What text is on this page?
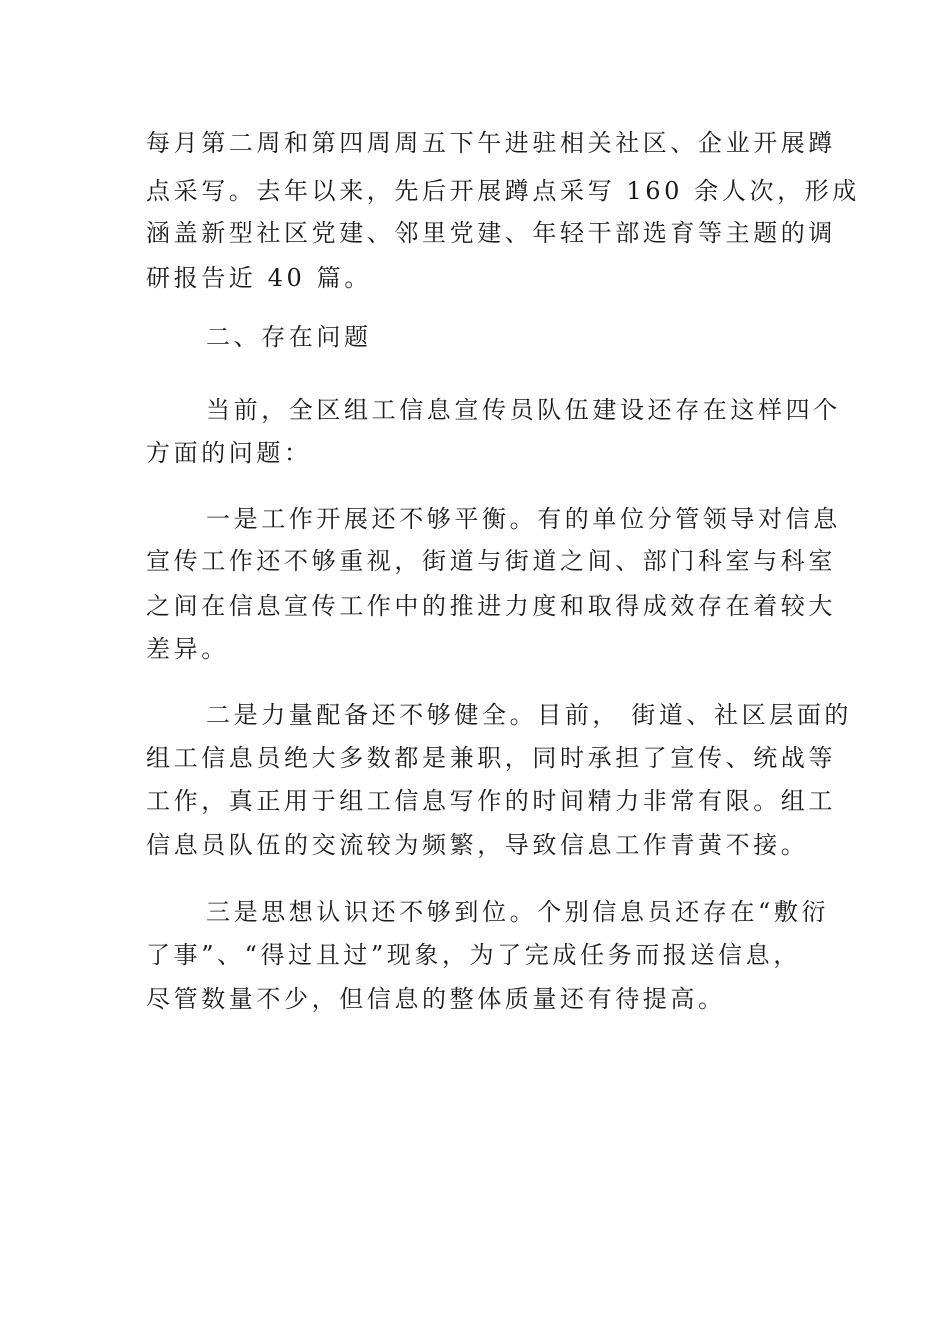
每月第二周和第四周周五下午进驻相关社区、企业开展蹲
点采写。去年以来，先后开展蹲点采写 160 余人次，形成
涵盖新型社区党建、邻里党建、年轻干部选育等主题的调
研报告近 40 篇。
二、存在问题
当前，全区组工信息宣传员队伍建设还存在这样四个
方面的问题：
一是工作开展还不够平衡。有的单位分管领导对信息
宣传工作还不够重视，街道与街道之间、部门科室与科室
之间在信息宣传工作中的推进力度和取得成效存在着较大
差异。
二是力量配备还不够健全。目前， 街道、社区层面的
组工信息员绝大多数都是兼职，同时承担了宣传、统战等
工作，真正用于组工信息写作的时间精力非常有限。组工
信息员队伍的交流较为频繁，导致信息工作青黄不接。
三是思想认识还不够到位。个别信息员还存在“敷衍
了事”、“得过且过”现象，为了完成任务而报送信息，
尽管数量不少，但信息的整体质量还有待提高。
